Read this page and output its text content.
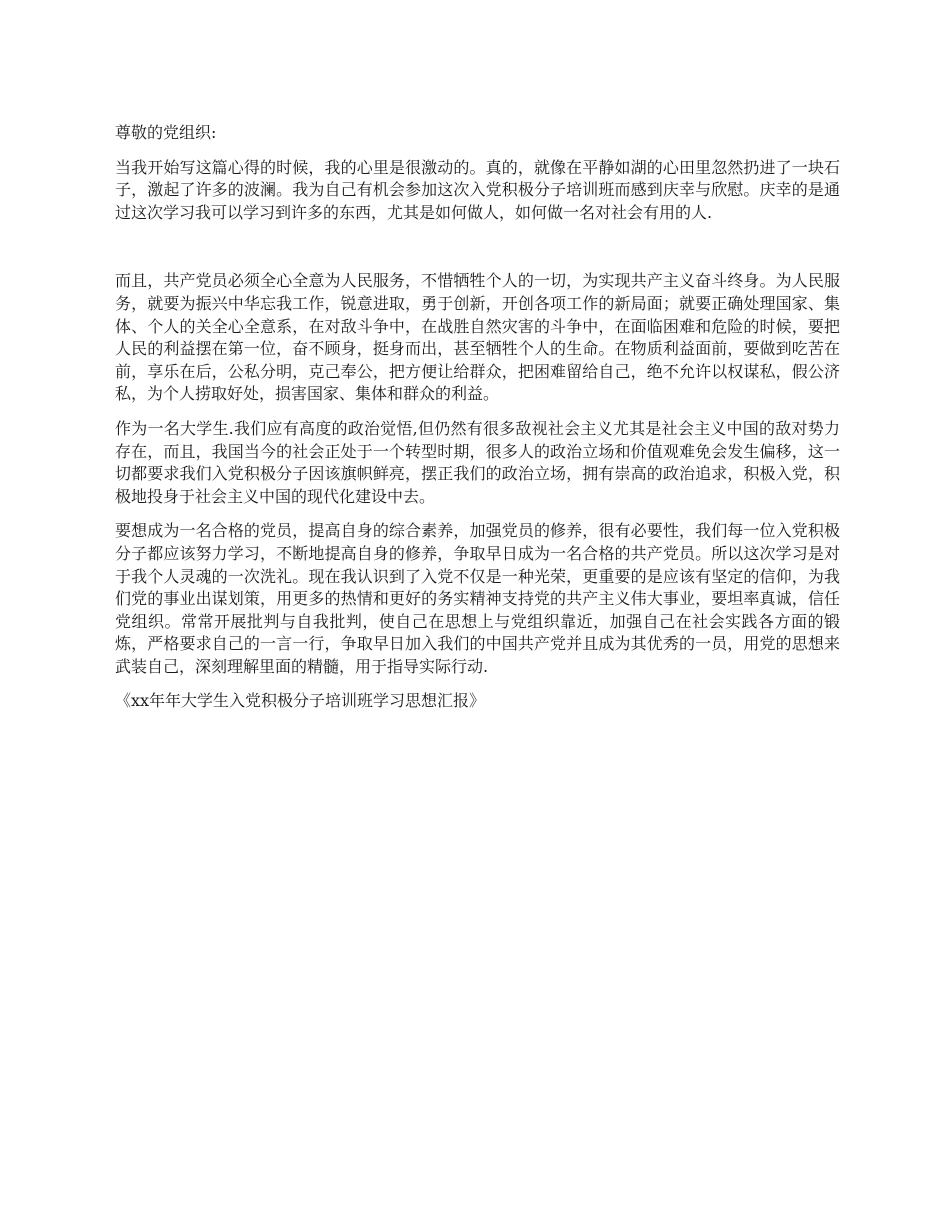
尊敬的党组织:

当我开始写这篇心得的时候，我的心里是很激动的。真的，就像在平静如湖的心田里忽然扔进了一块石子，激起了许多的波澜。我为自己有机会参加这次入党积极分子培训班而感到庆幸与欣慰。庆幸的是通过这次学习我可以学习到许多的东西，尤其是如何做人，如何做一名对社会有用的人.

而且，共产党员必须全心全意为人民服务，不惜牺牲个人的一切，为实现共产主义奋斗终身。为人民服务，就要为振兴中华忘我工作，锐意进取，勇于创新，开创各项工作的新局面；就要正确处理国家、集体、个人的关全心全意系，在对敌斗争中，在战胜自然灾害的斗争中，在面临困难和危险的时候，要把人民的利益摆在第一位，奋不顾身，挺身而出，甚至牺牲个人的生命。在物质利益面前，要做到吃苦在前，享乐在后，公私分明，克己奉公，把方便让给群众，把困难留给自己，绝不允许以权谋私，假公济私，为个人捞取好处，损害国家、集体和群众的利益。

作为一名大学生.我们应有高度的政治觉悟,但仍然有很多敌视社会主义尤其是社会主义中国的敌对势力存在，而且，我国当今的社会正处于一个转型时期，很多人的政治立场和价值观难免会发生偏移，这一切都要求我们入党积极分子因该旗帜鲜亮，摆正我们的政治立场，拥有崇高的政治追求，积极入党，积极地投身于社会主义中国的现代化建设中去。

要想成为一名合格的党员，提高自身的综合素养，加强党员的修养，很有必要性，我们每一位入党积极分子都应该努力学习，不断地提高自身的修养，争取早日成为一名合格的共产党员。所以这次学习是对于我个人灵魂的一次洗礼。现在我认识到了入党不仅是一种光荣，更重要的是应该有坚定的信仰，为我们党的事业出谋划策，用更多的热情和更好的务实精神支持党的共产主义伟大事业，要坦率真诚，信任党组织。常常开展批判与自我批判，使自己在思想上与党组织靠近，加强自己在社会实践各方面的锻炼，严格要求自己的一言一行，争取早日加入我们的中国共产党并且成为其优秀的一员，用党的思想来武装自己，深刻理解里面的精髓，用于指导实际行动.

《xx年年大学生入党积极分子培训班学习思想汇报》
